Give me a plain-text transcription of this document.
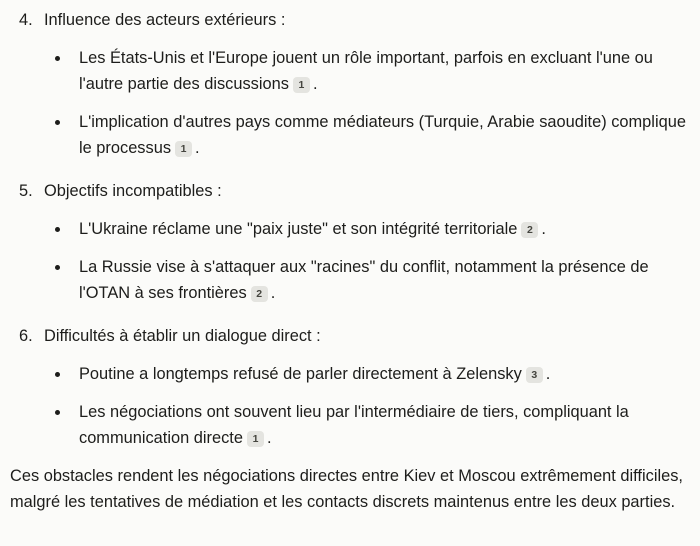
4. Influence des acteurs extérieurs :
Les États-Unis et l'Europe jouent un rôle important, parfois en excluant l'une ou l'autre partie des discussions 1 .
L'implication d'autres pays comme médiateurs (Turquie, Arabie saoudite) complique le processus 1 .
5. Objectifs incompatibles :
L'Ukraine réclame une "paix juste" et son intégrité territoriale 2 .
La Russie vise à s'attaquer aux "racines" du conflit, notamment la présence de l'OTAN à ses frontières 2 .
6. Difficultés à établir un dialogue direct :
Poutine a longtemps refusé de parler directement à Zelensky 3 .
Les négociations ont souvent lieu par l'intermédiaire de tiers, compliquant la communication directe 1 .

Ces obstacles rendent les négociations directes entre Kiev et Moscou extrêmement difficiles, malgré les tentatives de médiation et les contacts discrets maintenus entre les deux parties.
